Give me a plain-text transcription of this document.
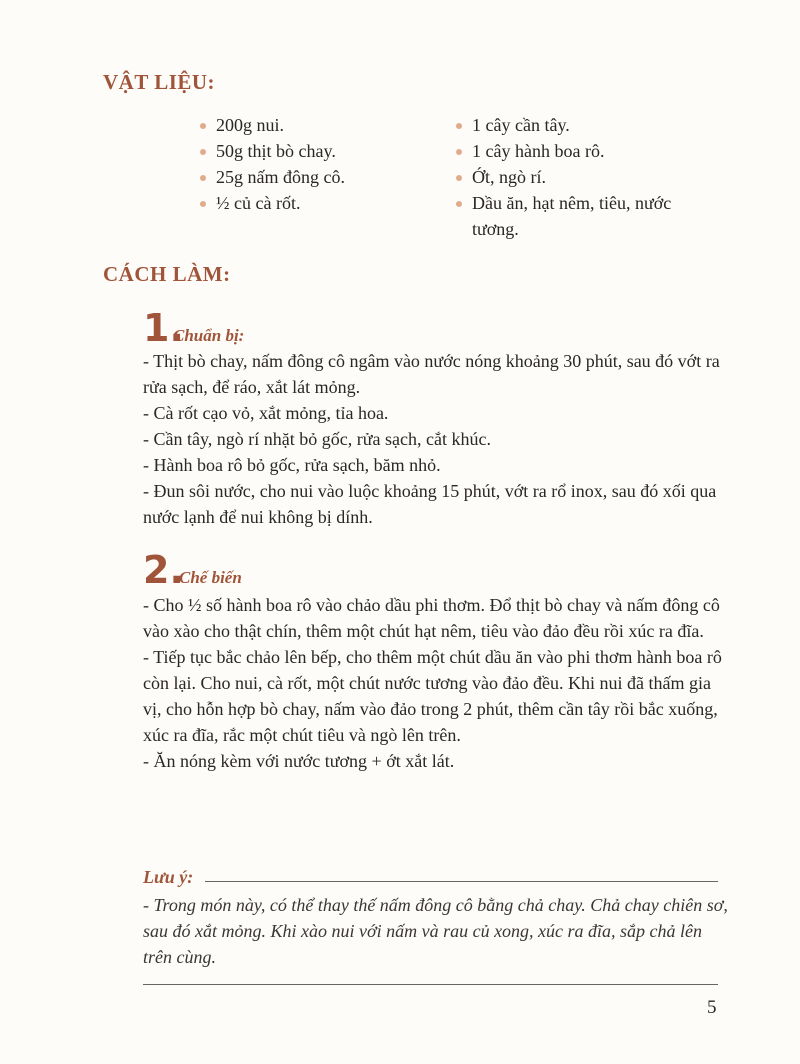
VẬT LIỆU:
200g nui.
50g thịt bò chay.
25g nấm đông cô.
½ củ cà rốt.
1 cây cần tây.
1 cây hành boa rô.
Ớt, ngò rí.
Dầu ăn, hạt nêm, tiêu, nước tương.
CÁCH LÀM:
1.
Chuẩn bị:

- Thịt bò chay, nấm đông cô ngâm vào nước nóng khoảng 30 phút, sau đó vớt ra rửa sạch, để ráo, xắt lát mỏng.

- Cà rốt cạo vỏ, xắt mỏng, tỉa hoa.

- Cần tây, ngò rí nhặt bỏ gốc, rửa sạch, cắt khúc.

- Hành boa rô bỏ gốc, rửa sạch, băm nhỏ.

- Đun sôi nước, cho nui vào luộc khoảng 15 phút, vớt ra rổ inox, sau đó xối qua nước lạnh để nui không bị dính.

2.
Chế biến

- Cho ½ số hành boa rô vào chảo dầu phi thơm. Đổ thịt bò chay và nấm đông cô vào xào cho thật chín, thêm một chút hạt nêm, tiêu vào đảo đều rồi xúc ra đĩa.

- Tiếp tục bắc chảo lên bếp, cho thêm một chút dầu ăn vào phi thơm hành boa rô còn lại. Cho nui, cà rốt, một chút nước tương vào đảo đều. Khi nui đã thấm gia vị, cho hỗn hợp bò chay, nấm vào đảo trong 2 phút, thêm cần tây rồi bắc xuống, xúc ra đĩa, rắc một chút tiêu và ngò lên trên.

- Ăn nóng kèm với nước tương + ớt xắt lát.

Lưu ý:

- Trong món này, có thể thay thế nấm đông cô bằng chả chay. Chả chay chiên sơ, sau đó xắt mỏng. Khi xào nui với nấm và rau củ xong, xúc ra đĩa, sắp chả lên trên cùng.

5
